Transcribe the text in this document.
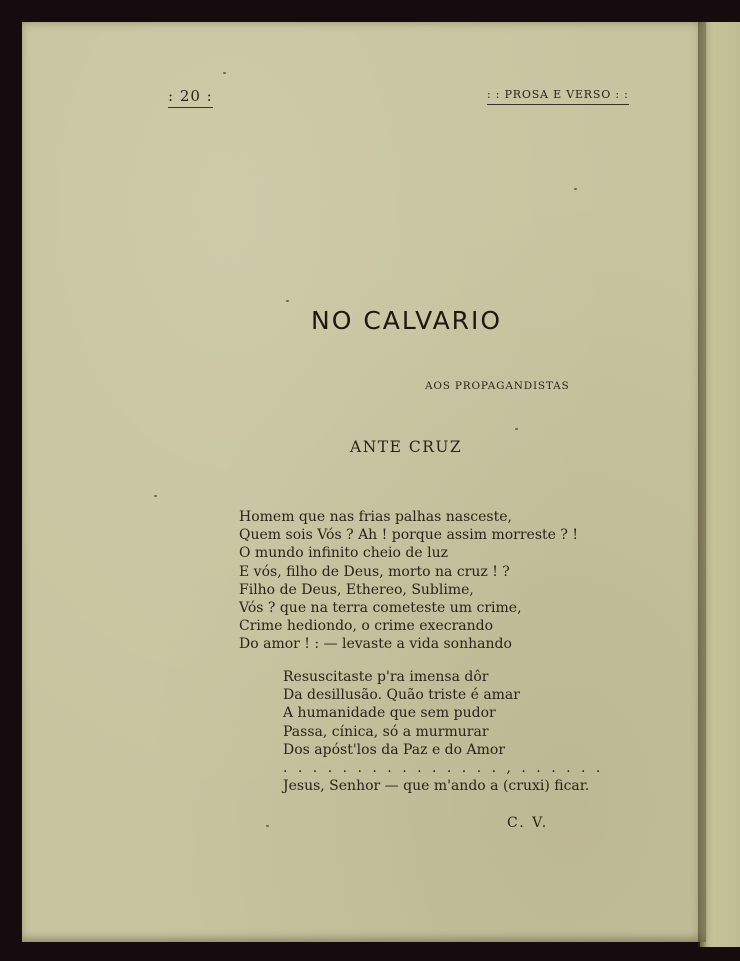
: 20 :	: : PROSA E VERSO : :
NO CALVARIO
AOS PROPAGANDISTAS
ANTE CRUZ
Homem que nas frias palhas nasceste,
Quem sois Vós ? Ah ! porque assim morreste ? !
O mundo infinito cheio de luz
E vós, filho de Deus, morto na cruz ! ?
Filho de Deus, Ethereo, Sublime,
Vós ? que na terra cometeste um crime,
Crime hediondo, o crime execrando
Do amor ! : — levaste a vida sonhando
Resuscitaste p'ra imensa dôr
Da desillusão. Quão triste é amar
A humanidade que sem pudor
Passa, cínica, só a murmurar
Dos apóst'los da Paz e do Amor
. . . . . . . . . . . . . . . , . . . . . .
Jesus, Senhor — que m'ando a (cruxi) ficar.
C. V.
